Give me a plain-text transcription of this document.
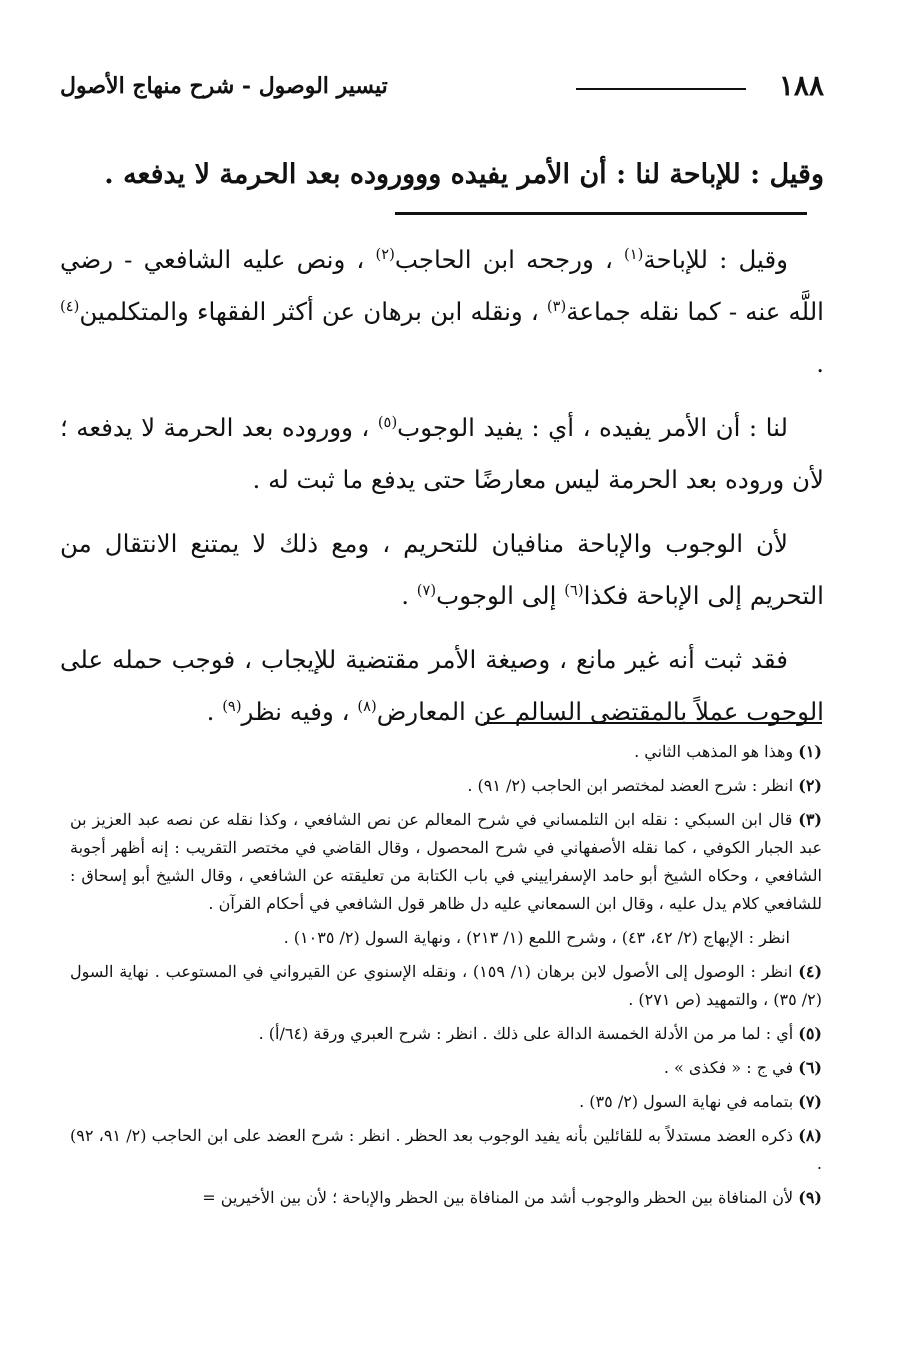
١٨٨
تيسير الوصول - شرح منهاج الأصول
وقيل : للإباحة لنا : أن الأمر يفيده وووروده بعد الحرمة لا يدفعه .

وقيل : للإباحة$^{(١)}$ ، ورجحه ابن الحاجب$^{(٢)}$ ، ونص عليه الشافعي - رضي اللَّه عنه - كما نقله جماعة$^{(٣)}$ ، ونقله ابن برهان عن أكثر الفقهاء والمتكلمين$^{(٤)}$ .

لنا : أن الأمر يفيده ، أي : يفيد الوجوب$^{(٥)}$ ، ووروده بعد الحرمة لا يدفعه ؛ لأن وروده بعد الحرمة ليس معارضًا حتى يدفع ما ثبت له .

لأن الوجوب والإباحة منافيان للتحريم ، ومع ذلك لا يمتنع الانتقال من التحريم إلى الإباحة فكذا$^{(٦)}$ إلى الوجوب$^{(٧)}$ .

فقد ثبت أنه غير مانع ، وصيغة الأمر مقتضية للإيجاب ، فوجب حمله على الوجوب عملاً بالمقتضى السالم عن المعارض$^{(٨)}$ ، وفيه نظر$^{(٩)}$ .

(١) وهذا هو المذهب الثاني .
(٢) انظر : شرح العضد لمختصر ابن الحاجب (٢/ ٩١) .
(٣) قال ابن السبكي : نقله ابن التلمساني في شرح المعالم عن نص الشافعي ، وكذا نقله عن نصه عبد العزيز بن عبد الجبار الكوفي ، كما نقله الأصفهاني في شرح المحصول ، وقال القاضي في مختصر التقريب : إنه أظهر أجوبة الشافعي ، وحكاه الشيخ أبو حامد الإسفراييني في باب الكتابة من تعليقته عن الشافعي ، وقال الشيخ أبو إسحاق : للشافعي كلام يدل عليه ، وقال ابن السمعاني عليه دل ظاهر قول الشافعي في أحكام القرآن .
انظر : الإبهاج (٢/ ٤٢، ٤٣) ، وشرح اللمع (١/ ٢١٣) ، ونهاية السول (٢/ ١٠٣٥) .
(٤) انظر : الوصول إلى الأصول لابن برهان (١/ ١٥٩) ، ونقله الإسنوي عن القيرواني في المستوعب . نهاية السول (٢/ ٣٥) ، والتمهيد (ص ٢٧١) .
(٥) أي : لما مر من الأدلة الخمسة الدالة على ذلك . انظر : شرح العبري ورقة (٦٤/أ) .
(٦) في ج : « فكذى » .
(٧) بتمامه في نهاية السول (٢/ ٣٥) .
(٨) ذكره العضد مستدلاً به للقائلين بأنه يفيد الوجوب بعد الحظر . انظر : شرح العضد على ابن الحاجب (٢/ ٩١، ٩٢) .
(٩) لأن المنافاة بين الحظر والوجوب أشد من المنافاة بين الحظر والإباحة ؛ لأن بين الأخيرين =
